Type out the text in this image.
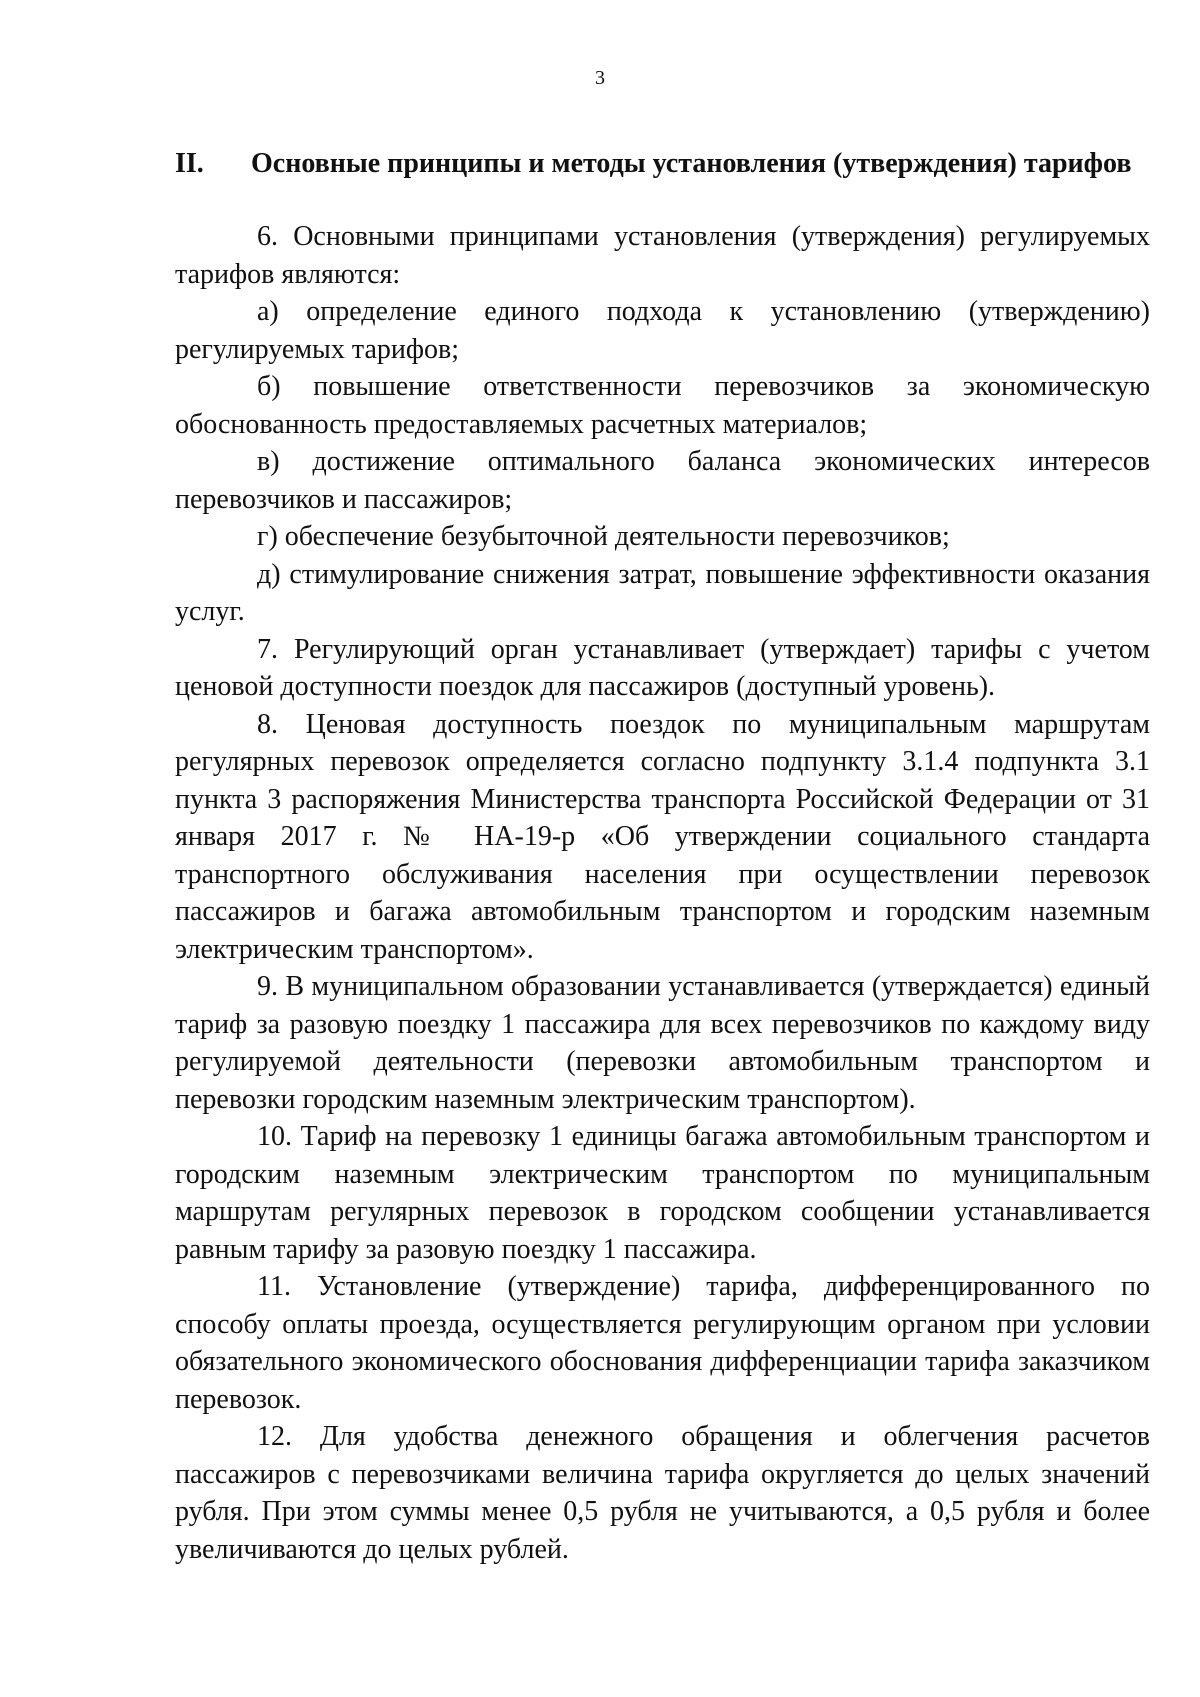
3
II. Основные принципы и методы установления (утверждения) тарифов

6. Основными принципами установления (утверждения) регулируемых тарифов являются:

а) определение единого подхода к установлению (утверждению) регулируемых тарифов;

б) повышение ответственности перевозчиков за экономическую обоснованность предоставляемых расчетных материалов;

в) достижение оптимального баланса экономических интересов перевозчиков и пассажиров;

г) обеспечение безубыточной деятельности перевозчиков;

д) стимулирование снижения затрат, повышение эффективности оказания услуг.

7. Регулирующий орган устанавливает (утверждает) тарифы с учетом ценовой доступности поездок для пассажиров (доступный уровень).

8. Ценовая доступность поездок по муниципальным маршрутам регулярных перевозок определяется согласно подпункту 3.1.4 подпункта 3.1 пункта 3 распоряжения Министерства транспорта Российской Федерации от 31 января 2017 г. № НА-19-р «Об утверждении социального стандарта транспортного обслуживания населения при осуществлении перевозок пассажиров и багажа автомобильным транспортом и городским наземным электрическим транспортом».

9. В муниципальном образовании устанавливается (утверждается) единый тариф за разовую поездку 1 пассажира для всех перевозчиков по каждому виду регулируемой деятельности (перевозки автомобильным транспортом и перевозки городским наземным электрическим транспортом).

10. Тариф на перевозку 1 единицы багажа автомобильным транспортом и городским наземным электрическим транспортом по муниципальным маршрутам регулярных перевозок в городском сообщении устанавливается равным тарифу за разовую поездку 1 пассажира.

11. Установление (утверждение) тарифа, дифференцированного по способу оплаты проезда, осуществляется регулирующим органом при условии обязательного экономического обоснования дифференциации тарифа заказчиком перевозок.

12. Для удобства денежного обращения и облегчения расчетов пассажиров с перевозчиками величина тарифа округляется до целых значений рубля. При этом суммы менее 0,5 рубля не учитываются, а 0,5 рубля и более увеличиваются до целых рублей.
